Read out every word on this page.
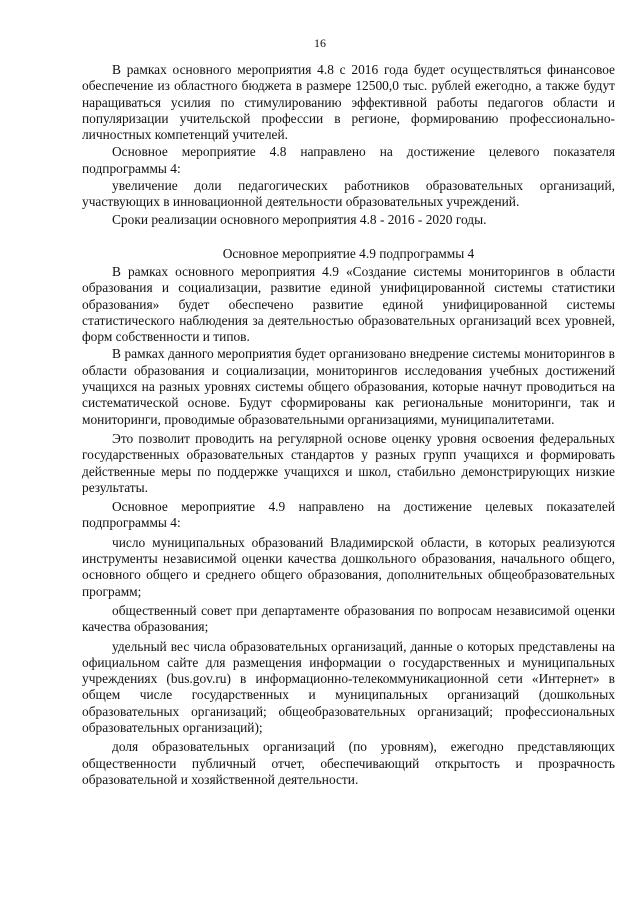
16

В рамках основного мероприятия 4.8 с 2016 года будет осуществляться финансовое обеспечение из областного бюджета в размере 12500,0 тыс. рублей ежегодно, а также будут наращиваться усилия по стимулированию эффективной работы педагогов области и популяризации учительской профессии в регионе, формированию профессионально-личностных компетенций учителей.

Основное мероприятие 4.8 направлено на достижение целевого показателя подпрограммы 4:

увеличение доли педагогических работников образовательных организаций, участвующих в инновационной деятельности образовательных учреждений.

Сроки реализации основного мероприятия 4.8 - 2016 - 2020 годы.

Основное мероприятие 4.9 подпрограммы 4

В рамках основного мероприятия 4.9 «Создание системы мониторингов в области образования и социализации, развитие единой унифицированной системы статистики образования» будет обеспечено развитие единой унифицированной системы статистического наблюдения за деятельностью образовательных организаций всех уровней, форм собственности и типов.

В рамках данного мероприятия будет организовано внедрение системы мониторингов в области образования и социализации, мониторингов исследования учебных достижений учащихся на разных уровнях системы общего образования, которые начнут проводиться на систематической основе. Будут сформированы как региональные мониторинги, так и мониторинги, проводимые образовательными организациями, муниципалитетами.

Это позволит проводить на регулярной основе оценку уровня освоения федеральных государственных образовательных стандартов у разных групп учащихся и формировать действенные меры по поддержке учащихся и школ, стабильно демонстрирующих низкие результаты.

Основное мероприятие 4.9 направлено на достижение целевых показателей подпрограммы 4:

число муниципальных образований Владимирской области, в которых реализуются инструменты независимой оценки качества дошкольного образования, начального общего, основного общего и среднего общего образования, дополнительных общеобразовательных программ;

общественный совет при департаменте образования по вопросам независимой оценки качества образования;

удельный вес числа образовательных организаций, данные о которых представлены на официальном сайте для размещения информации о государственных и муниципальных учреждениях (bus.gov.ru) в информационно-телекоммуникационной сети «Интернет» в общем числе государственных и муниципальных организаций (дошкольных образовательных организаций; общеобразовательных организаций; профессиональных образовательных организаций);

доля образовательных организаций (по уровням), ежегодно представляющих общественности публичный отчет, обеспечивающий открытость и прозрачность образовательной и хозяйственной деятельности.
